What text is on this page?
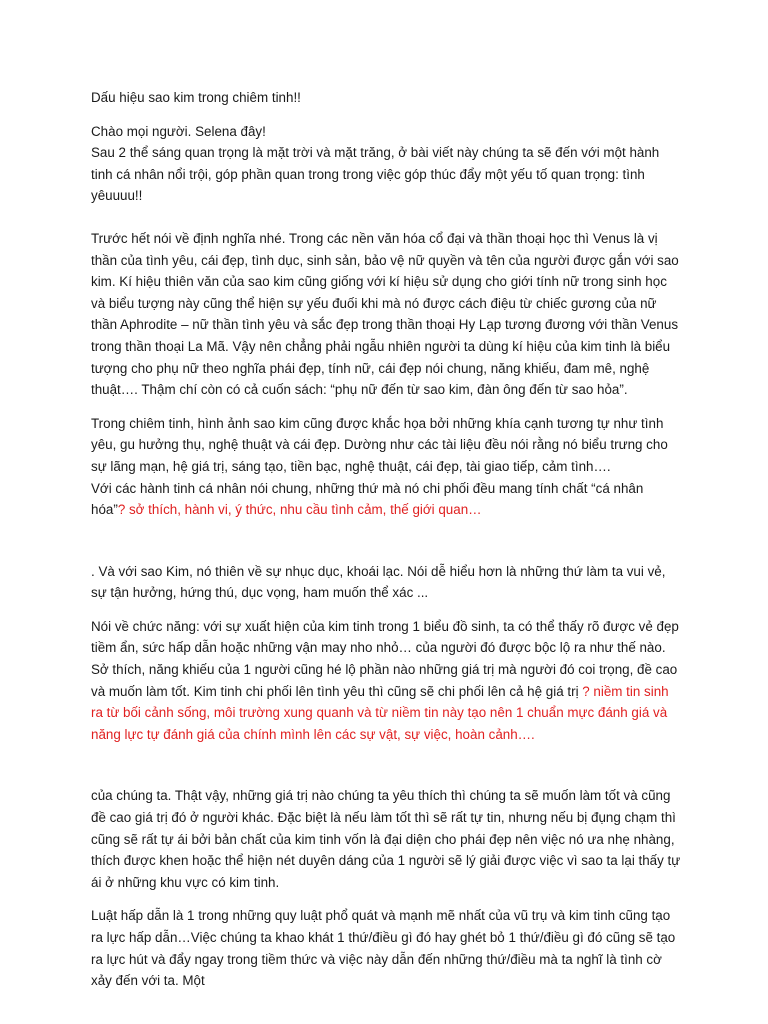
Dấu hiệu sao kim trong chiêm tinh!!

Chào mọi người. Selena đây!

Sau 2 thể sáng quan trọng là mặt trời và mặt trăng, ở bài viết này chúng ta sẽ đến với một hành tinh cá nhân nổi trội, góp phần quan trong trong việc góp thúc đẩy một yếu tố quan trọng: tình yêuuuu!!

Trước hết nói về định nghĩa nhé. Trong các nền văn hóa cổ đại và thần thoại học thì Venus là vị thần của tình yêu, cái đẹp, tình dục, sinh sản, bảo vệ nữ quyền và tên của người được gắn với sao kim. Kí hiệu thiên văn của sao kim cũng giống với kí hiệu sử dụng cho giới tính nữ trong sinh học và biểu tượng này cũng thể hiện sự yếu đuối khi mà nó được cách điệu từ chiếc gương của nữ thần Aphrodite – nữ thần tình yêu và sắc đẹp trong thần thoại Hy Lạp tương đương với thần Venus trong thần thoại La Mã. Vậy nên chẳng phải ngẫu nhiên người ta dùng kí hiệu của kim tinh là biểu tượng cho phụ nữ theo nghĩa phái đẹp, tính nữ, cái đẹp nói chung, năng khiếu, đam mê, nghệ thuật…. Thậm chí còn có cả cuốn sách: “phụ nữ đến từ sao kim, đàn ông đến từ sao hỏa”.

Trong chiêm tinh, hình ảnh sao kim cũng được khắc họa bởi những khía cạnh tương tự như tình yêu, gu hưởng thụ, nghệ thuật và cái đẹp. Dường như các tài liệu đều nói rằng nó biểu trưng cho sự lãng mạn, hệ giá trị, sáng tạo, tiền bạc, nghệ thuật, cái đẹp, tài giao tiếp, cảm tình….

Với các hành tinh cá nhân nói chung, những thứ mà nó chi phối đều mang tính chất “cá nhân hóa”? sở thích, hành vi, ý thức, nhu cầu tình cảm, thế giới quan…

. Và với sao Kim, nó thiên về sự nhục dục, khoái lạc. Nói dễ hiểu hơn là những thứ làm ta vui vẻ, sự tận hưởng, hứng thú, dục vọng, ham muốn thể xác ...

Nói về chức năng: với sự xuất hiện của kim tinh trong 1 biểu đồ sinh, ta có thể thấy rõ được vẻ đẹp tiềm ẩn, sức hấp dẫn hoặc những vận may nho nhỏ… của người đó được bộc lộ ra như thế nào. Sở thích, năng khiếu của 1 người cũng hé lộ phần nào những giá trị mà người đó coi trọng, đề cao và muốn làm tốt. Kim tinh chi phối lên tình yêu thì cũng sẽ chi phối lên cả hệ giá trị ? niềm tin sinh ra từ bối cảnh sống, môi trường xung quanh và từ niềm tin này tạo nên 1 chuẩn mực đánh giá và năng lực tự đánh giá của chính mình lên các sự vật, sự việc, hoàn cảnh….

của chúng ta. Thật vậy, những giá trị nào chúng ta yêu thích thì chúng ta sẽ muốn làm tốt và cũng đề cao giá trị đó ở người khác. Đặc biệt là nếu làm tốt thì sẽ rất tự tin, nhưng nếu bị đụng chạm thì cũng sẽ rất tự ái bởi bản chất của kim tinh vốn là đại diện cho phái đẹp nên việc nó ưa nhẹ nhàng, thích được khen hoặc thể hiện nét duyên dáng của 1 người sẽ lý giải được việc vì sao ta lại thấy tự ái ở những khu vực có kim tinh.

Luật hấp dẫn là 1 trong những quy luật phổ quát và mạnh mẽ nhất của vũ trụ và kim tinh cũng tạo ra lực hấp dẫn…Việc chúng ta khao khát 1 thứ/điều gì đó hay ghét bỏ 1 thứ/điều gì đó cũng sẽ tạo ra lực hút và đẩy ngay trong tiềm thức và việc này dẫn đến những thứ/điều mà ta nghĩ là tình cờ xảy đến với ta. Một
